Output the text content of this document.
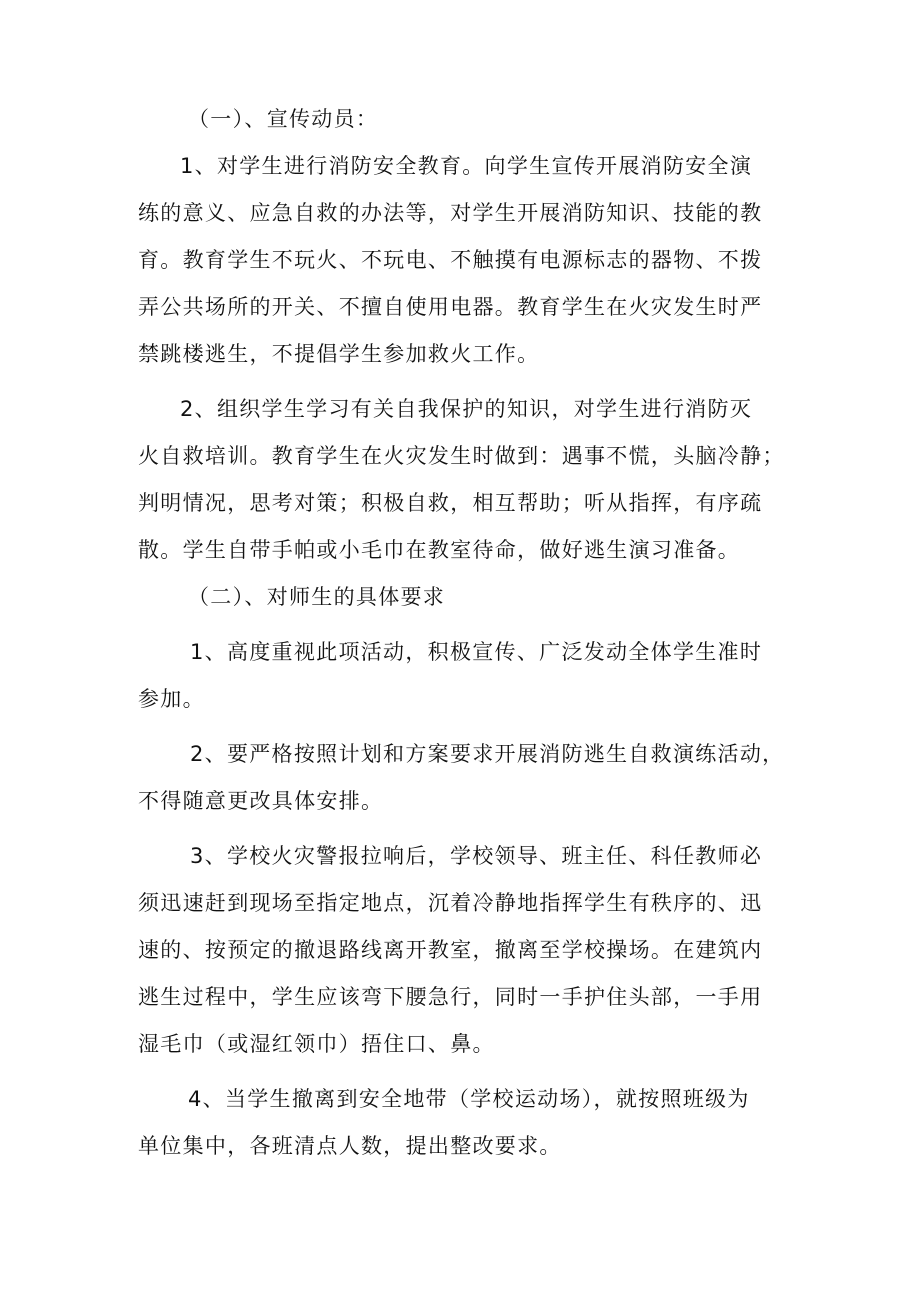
（一）、宣传动员：
1、对学生进行消防安全教育。向学生宣传开展消防安全演
练的意义、应急自救的办法等，对学生开展消防知识、技能的教
育。教育学生不玩火、不玩电、不触摸有电源标志的器物、不拨
弄公共场所的开关、不擅自使用电器。教育学生在火灾发生时严
禁跳楼逃生，不提倡学生参加救火工作。
2、组织学生学习有关自我保护的知识，对学生进行消防灭
火自救培训。教育学生在火灾发生时做到：遇事不慌，头脑冷静；
判明情况，思考对策；积极自救，相互帮助；听从指挥，有序疏
散。学生自带手帕或小毛巾在教室待命，做好逃生演习准备。
（二）、对师生的具体要求
1、高度重视此项活动，积极宣传、广泛发动全体学生准时
参加。
2、要严格按照计划和方案要求开展消防逃生自救演练活动，
不得随意更改具体安排。
3、学校火灾警报拉响后，学校领导、班主任、科任教师必
须迅速赶到现场至指定地点，沉着冷静地指挥学生有秩序的、迅
速的、按预定的撤退路线离开教室，撤离至学校操场。在建筑内
逃生过程中，学生应该弯下腰急行，同时一手护住头部，一手用
湿毛巾（或湿红领巾）捂住口、鼻。
4、当学生撤离到安全地带（学校运动场），就按照班级为
单位集中，各班清点人数，提出整改要求。
